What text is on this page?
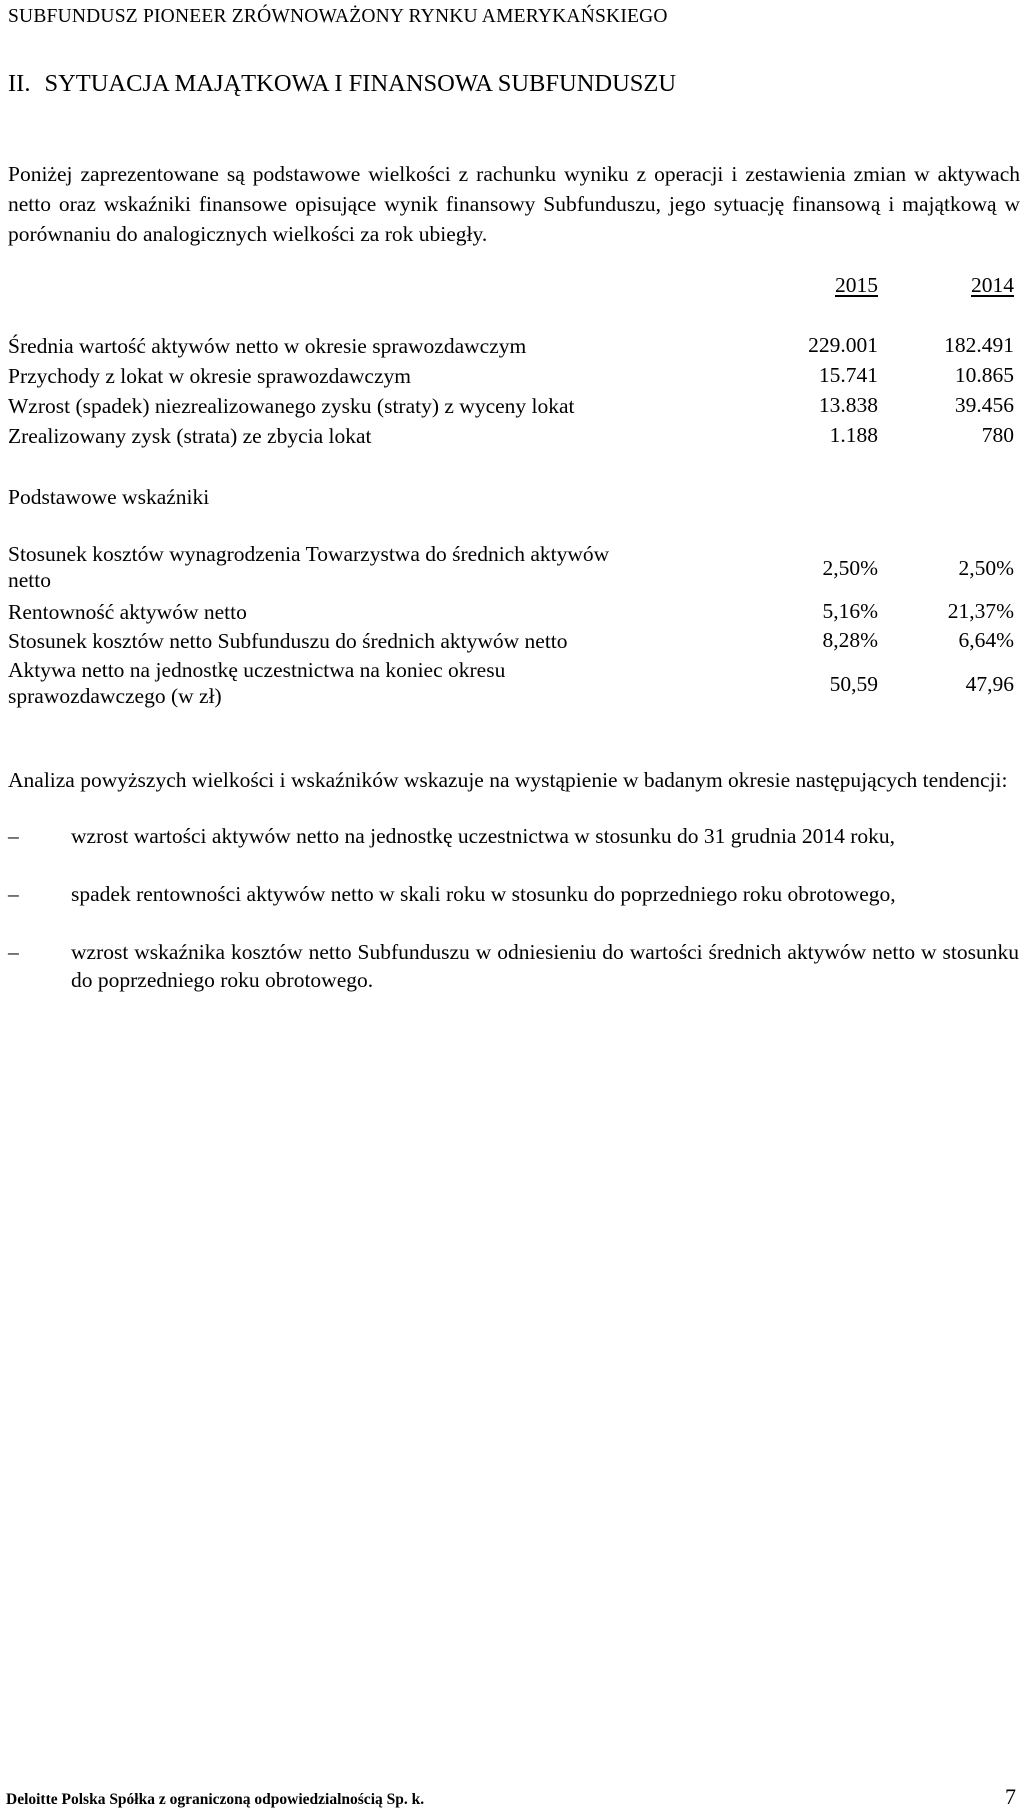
SUBFUNDUSZ PIONEER ZRÓWNOWAŻONY RYNKU AMERYKAŃSKIEGO
II. SYTUACJA MAJĄTKOWA I FINANSOWA SUBFUNDUSZU
Poniżej zaprezentowane są podstawowe wielkości z rachunku wyniku z operacji i zestawienia zmian w aktywach netto oraz wskaźniki finansowe opisujące wynik finansowy Subfunduszu, jego sytuację finansową i majątkową w porównaniu do analogicznych wielkości za rok ubiegły.
2015	2014
Średnia wartość aktywów netto w okresie sprawozdawczym	229.001	182.491
Przychody z lokat w okresie sprawozdawczym	15.741	10.865
Wzrost (spadek) niezrealizowanego zysku (straty) z wyceny lokat	13.838	39.456
Zrealizowany zysk (strata) ze zbycia lokat	1.188	780
Podstawowe wskaźniki
Stosunek kosztów wynagrodzenia Towarzystwa do średnich aktywów
netto	2,50%	2,50%
Rentowność aktywów netto	5,16%	21,37%
Stosunek kosztów netto Subfunduszu do średnich aktywów netto	8,28%	6,64%
Aktywa netto na jednostkę uczestnictwa na koniec okresu
sprawozdawczego (w zł)	50,59	47,96
Analiza powyższych wielkości i wskaźników wskazuje na wystąpienie w badanym okresie następujących tendencji:
– wzrost wartości aktywów netto na jednostkę uczestnictwa w stosunku do 31 grudnia 2014 roku,
– spadek rentowności aktywów netto w skali roku w stosunku do poprzedniego roku obrotowego,
– wzrost wskaźnika kosztów netto Subfunduszu w odniesieniu do wartości średnich aktywów netto w stosunku do poprzedniego roku obrotowego.
Deloitte Polska Spółka z ograniczoną odpowiedzialnością Sp. k.	7
